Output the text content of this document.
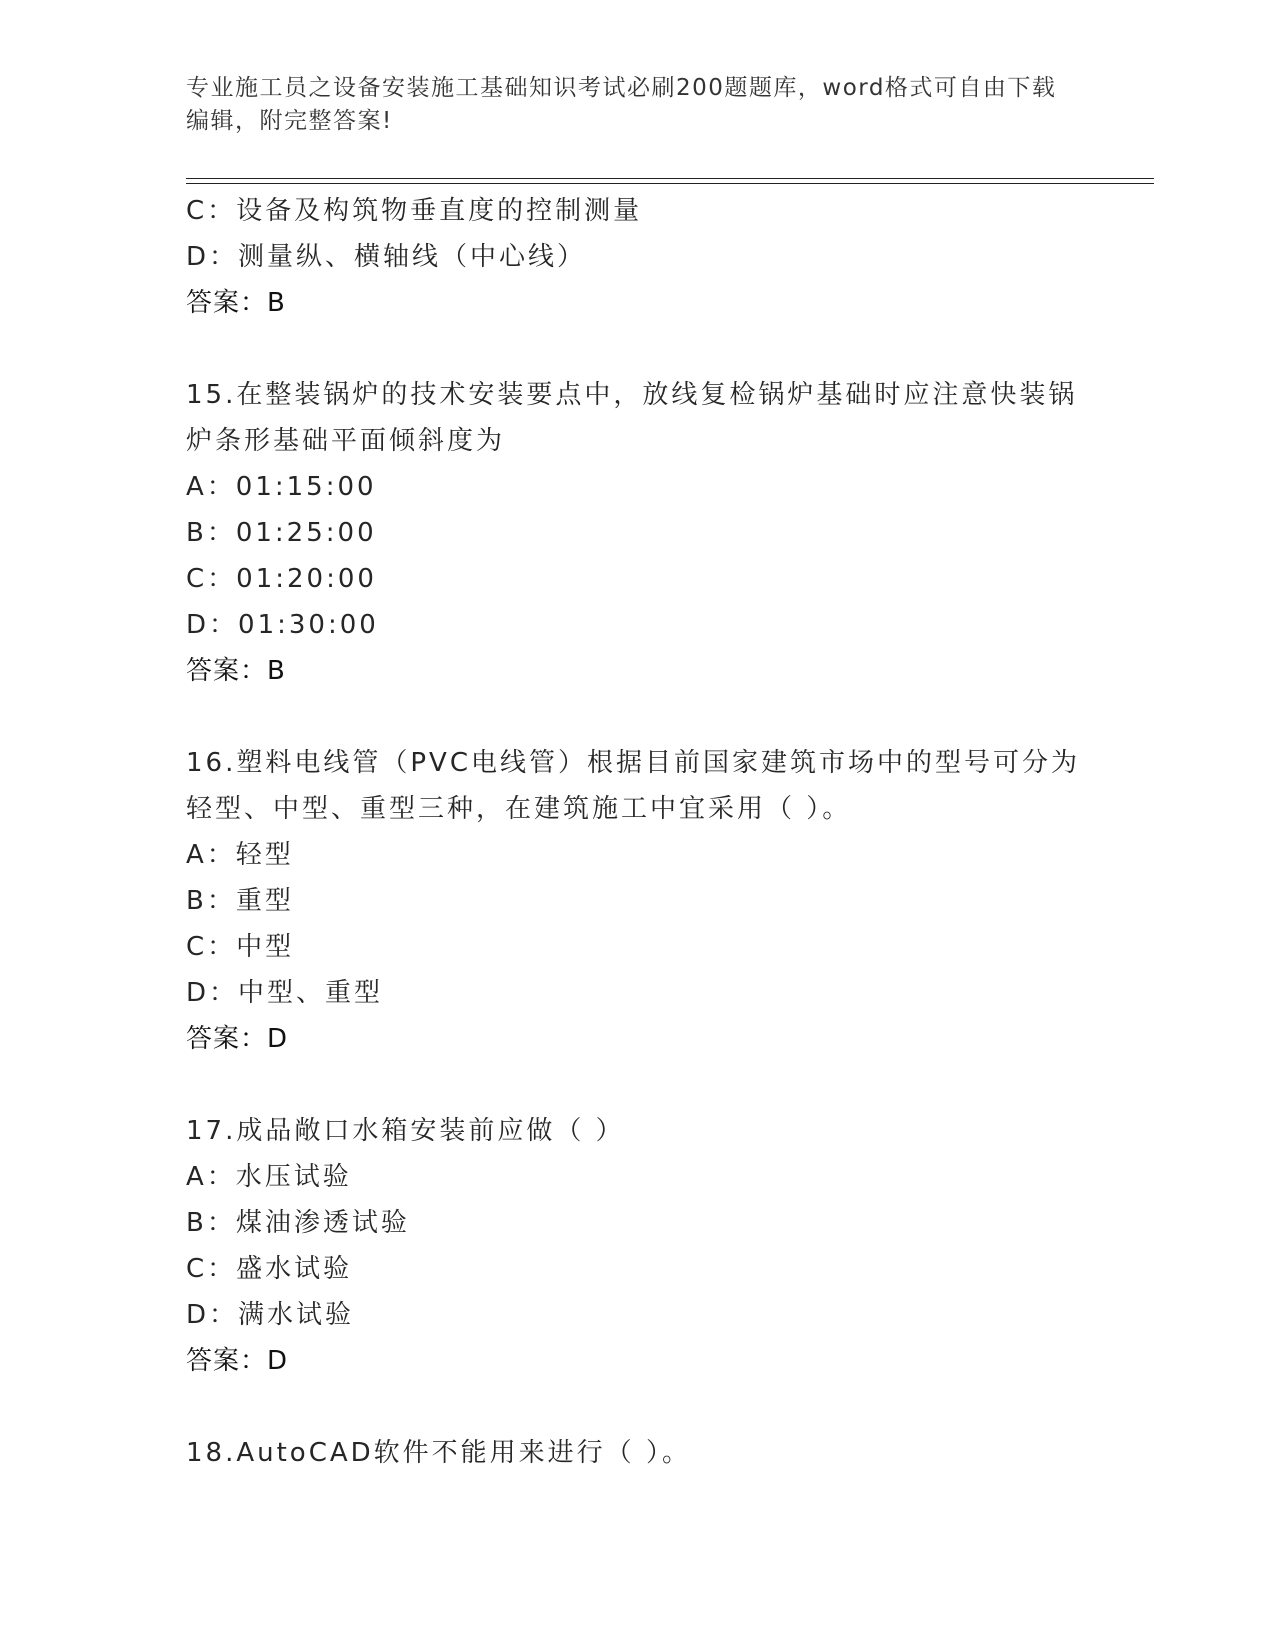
专业施工员之设备安装施工基础知识考试必刷200题题库，word格式可自由下载
编辑，附完整答案!
C：设备及构筑物垂直度的控制测量
D：测量纵、横轴线（中心线）
答案：B
15.在整装锅炉的技术安装要点中，放线复检锅炉基础时应注意快装锅
炉条形基础平面倾斜度为
A：01:15:00
B：01:25:00
C：01:20:00
D：01:30:00
答案：B
16.塑料电线管（PVC电线管）根据目前国家建筑市场中的型号可分为
轻型、中型、重型三种，在建筑施工中宜采用（ ）。
A：轻型
B：重型
C：中型
D：中型、重型
答案：D
17.成品敞口水箱安装前应做（ ）
A：水压试验
B：煤油渗透试验
C：盛水试验
D：满水试验
答案：D
18.AutoCAD软件不能用来进行（ ）。
